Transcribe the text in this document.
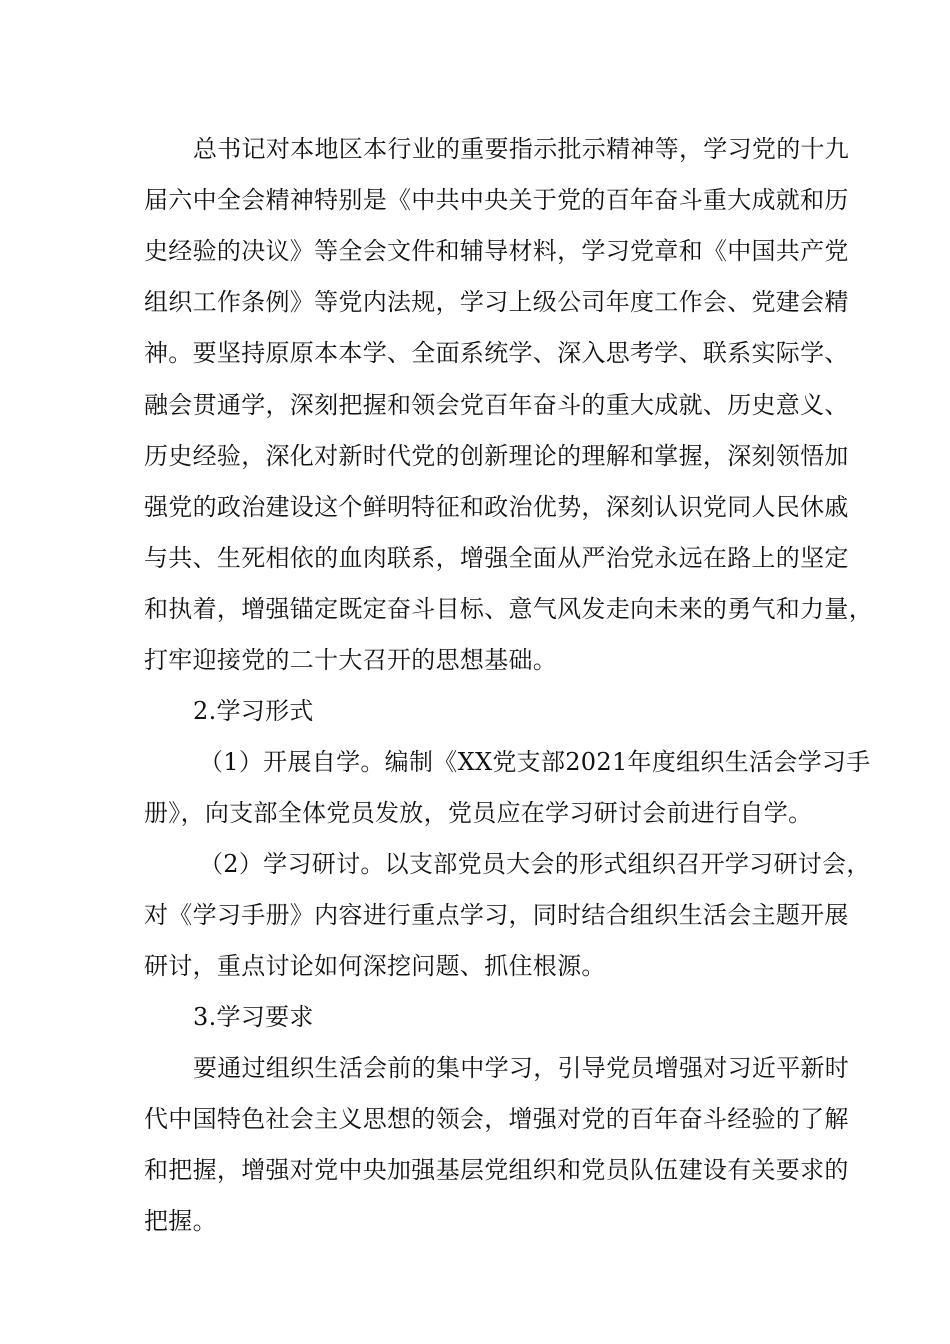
总书记对本地区本行业的重要指示批示精神等，学习党的十九
届六中全会精神特别是《中共中央关于党的百年奋斗重大成就和历
史经验的决议》等全会文件和辅导材料，学习党章和《中国共产党
组织工作条例》等党内法规，学习上级公司年度工作会、党建会精
神。要坚持原原本本学、全面系统学、深入思考学、联系实际学、
融会贯通学，深刻把握和领会党百年奋斗的重大成就、历史意义、
历史经验，深化对新时代党的创新理论的理解和掌握，深刻领悟加
强党的政治建设这个鲜明特征和政治优势，深刻认识党同人民休戚
与共、生死相依的血肉联系，增强全面从严治党永远在路上的坚定
和执着，增强锚定既定奋斗目标、意气风发走向未来的勇气和力量，
打牢迎接党的二十大召开的思想基础。
2.学习形式
（1）开展自学。编制《XX党支部2021年度组织生活会学习手
册》，向支部全体党员发放，党员应在学习研讨会前进行自学。
（2）学习研讨。以支部党员大会的形式组织召开学习研讨会，
对《学习手册》内容进行重点学习，同时结合组织生活会主题开展
研讨，重点讨论如何深挖问题、抓住根源。
3.学习要求
要通过组织生活会前的集中学习，引导党员增强对习近平新时
代中国特色社会主义思想的领会，增强对党的百年奋斗经验的了解
和把握，增强对党中央加强基层党组织和党员队伍建设有关要求的
把握。
